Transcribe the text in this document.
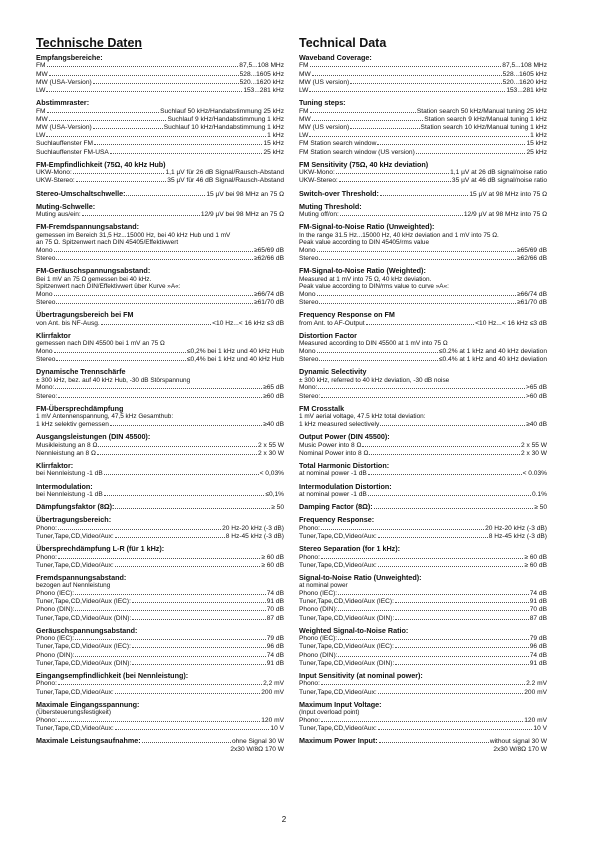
Technische Daten
Empfangsbereiche:
FM	87,5...108 MHz
MW	528...1605 kHz
MW (USA-Version)	520...1620 kHz
LW	153...281 kHz
Abstimmraster:
FM	Suchlauf 50 kHz/Handabstimmung 25 kHz
MW	Suchlauf 9 kHz/Handabstimmung 1 kHz
MW (USA-Version)	Suchlauf 10 kHz/Handabstimmung 1 kHz
LW	1 kHz
Suchlauffenster FM	15 kHz
Suchlauffenster FM-USA	25 kHz
FM-Empfindlichkeit (75Ω, 40 kHz Hub)
UKW-Mono:	1,1 µV für 26 dB Signal/Rausch-Abstand
UKW-Stereo:	35 µV für 46 dB Signal/Rausch-Abstand
Stereo-Umschaltschwelle:	15 µV bei 98 MHz an 75 Ω
Muting-Schwelle:
Muting aus/ein:	12/9 µV bei 98 MHz an 75 Ω
FM-Fremdspannungsabstand:
gemessen im Bereich 31,5 Hz...15000 Hz, bei 40 kHz Hub und 1 mV
an 75 Ω. Spitzenwert nach DIN 45405/Effektivwert
Mono	≥65/69 dB
Stereo	≥62/66 dB
FM-Geräuschspannungsabstand:
Bei 1 mV an 75 Ω gemessen bei 40 kHz.
Spitzenwert nach DIN/Effektivwert über Kurve »A«:
Mono	≥66/74 dB
Stereo	≥61/70 dB
Übertragungsbereich bei FM
von Ant. bis NF-Ausg.	<10 Hz...< 16 kHz ≤3 dB
Klirrfaktor
gemessen nach DIN 45500 bei 1 mV an 75 Ω
Mono	≤0,2% bei 1 kHz und 40 kHz Hub
Stereo	≤0,4% bei 1 kHz und 40 kHz Hub
Dynamische Trennschärfe
± 300 kHz, bez. auf 40 kHz Hub, -30 dB Störspannung
Mono:	≥65 dB
Stereo:	≥60 dB
FM-Übersprechdämpfung
1 mV Antennenspannung, 47,5 kHz Gesamthub:
1 kHz selektiv gemessen	≥40 dB
Ausgangsleistungen (DIN 45500):
Musikleistung an 8 Ω	2 x 55 W
Nennleistung an 8 Ω	2 x 30 W
Klirrfaktor:
bei Nennleistung -1 dB	< 0,03%
Intermodulation:
bei Nennleistung -1 dB	≤0,1%
Dämpfungsfaktor (8Ω):	≥ 50
Übertragungsbereich:
Phono:	20 Hz-20 kHz (-3 dB)
Tuner,Tape,CD,Video/Aux:	8 Hz-45 kHz (-3 dB)
Übersprechdämpfung L-R (für 1 kHz):
Phono:	≥ 60 dB
Tuner,Tape,CD,Video/Aux:	≥ 60 dB
Fremdspannungsabstand:
bezogen auf Nennleistung
Phono (IEC):	74 dB
Tuner,Tape,CD,Video/Aux (IEC):	91 dB
Phono (DIN):	70 dB
Tuner,Tape,CD,Video/Aux (DIN):	87 dB
Geräuschspannungsabstand:
Phono (IEC):	79 dB
Tuner,Tape,CD,Video/Aux (IEC):	96 dB
Phono (DIN):	74 dB
Tuner,Tape,CD,Video/Aux (DIN):	91 dB
Eingangsempfindlichkeit (bei Nennleistung):
Phono:	2,2 mV
Tuner,Tape,CD,Video/Aux:	200 mV
Maximale Eingangsspannung:
(Übersteuerungsfestigkeit)
Phono:	120 mV
Tuner,Tape,CD,Video/Aux:	10 V
Maximale Leistungsaufnahme:	ohne Signal 30 W
2x30 W/8Ω 170 W
Technical Data
Waveband Coverage:
FM	87,5...108 MHz
MW	528...1605 kHz
MW (US version)	520...1620 kHz
LW	153...281 kHz
Tuning steps:
FM	Station search 50 kHz/Manual tuning 25 kHz
MW	Station search 9 kHz/Manual tuning 1 kHz
MW (US version)	Station search 10 kHz/Manual tuning 1 kHz
LW	1 kHz
FM Station search window	15 kHz
FM Station search window (US version)	25 kHz
FM Sensitivity (75Ω, 40 kHz deviation)
UKW-Mono:	1,1 µV at 26 dB signal/noise ratio
UKW-Stereo:	35 µV at 46 dB signal/noise ratio
Switch-over Threshold:	15 µV at 98 MHz into 75 Ω
Muting Threshold:
Muting off/on:	12/9 µV at 98 MHz into 75 Ω
FM-Signal-to-Noise Ratio (Unweighted):
In the range 31.5 Hz...15000 Hz, 40 kHz deviation and 1 mV into 75 Ω.
Peak value according to DIN 45405/rms value
Mono	≥65/69 dB
Stereo	≥62/66 dB
FM-Signal-to-Noise Ratio (Weighted):
Measured at 1 mV into 75 Ω, 40 kHz deviation.
Peak value according to DIN/rms value to curve »A«:
Mono	≥66/74 dB
Stereo	≥61/70 dB
Frequency Response on FM
from Ant. to AF-Output	<10 Hz...< 16 kHz ≤3 dB
Distortion Factor
Measured according to DIN 45500 at 1 mV into 75 Ω
Mono	≤0.2% at 1 kHz and 40 kHz deviation
Stereo	≤0.4% at 1 kHz and 40 kHz deviation
Dynamic Selectivity
± 300 kHz, referred to 40 kHz deviation, -30 dB noise
Mono:	>65 dB
Stereo:	>60 dB
FM Crosstalk
1 mV aerial voltage, 47.5 kHz total deviation:
1 kHz measured selectively	≥40 dB
Output Power (DIN 45500):
Music Power into 8 Ω	2 x 55 W
Nominal Power into 8 Ω	2 x 30 W
Total Harmonic Distortion:
at nominal power -1 dB	< 0.03%
Intermodulation Distortion:
at nominal power -1 dB	0.1%
Damping Factor (8Ω):	≥ 50
Frequency Response:
Phono:	20 Hz-20 kHz (-3 dB)
Tuner,Tape,CD,Video/Aux:	8 Hz-45 kHz (-3 dB)
Stereo Separation (for 1 kHz):
Phono:	≥ 60 dB
Tuner,Tape,CD,Video/Aux:	≥ 60 dB
Signal-to-Noise Ratio (Unweighted):
at nominal power
Phono (IEC):	74 dB
Tuner,Tape,CD,Video/Aux (IEC):	91 dB
Phono (DIN):	70 dB
Tuner,Tape,CD,Video/Aux (DIN):	87 dB
Weighted Signal-to-Noise Ratio:
Phono (IEC):	79 dB
Tuner,Tape,CD,Video/Aux (IEC):	96 dB
Phono (DIN):	74 dB
Tuner,Tape,CD,Video/Aux (DIN):	91 dB
Input Sensitivity (at nominal power):
Phono:	2.2 mV
Tuner,Tape,CD,Video/Aux:	200 mV
Maximum Input Voltage:
(Input overload point)
Phono:	120 mV
Tuner,Tape,CD,Video/Aux:	10 V
Maximum Power Input:	without signal 30 W
2x30 W/8Ω 170 W
2
